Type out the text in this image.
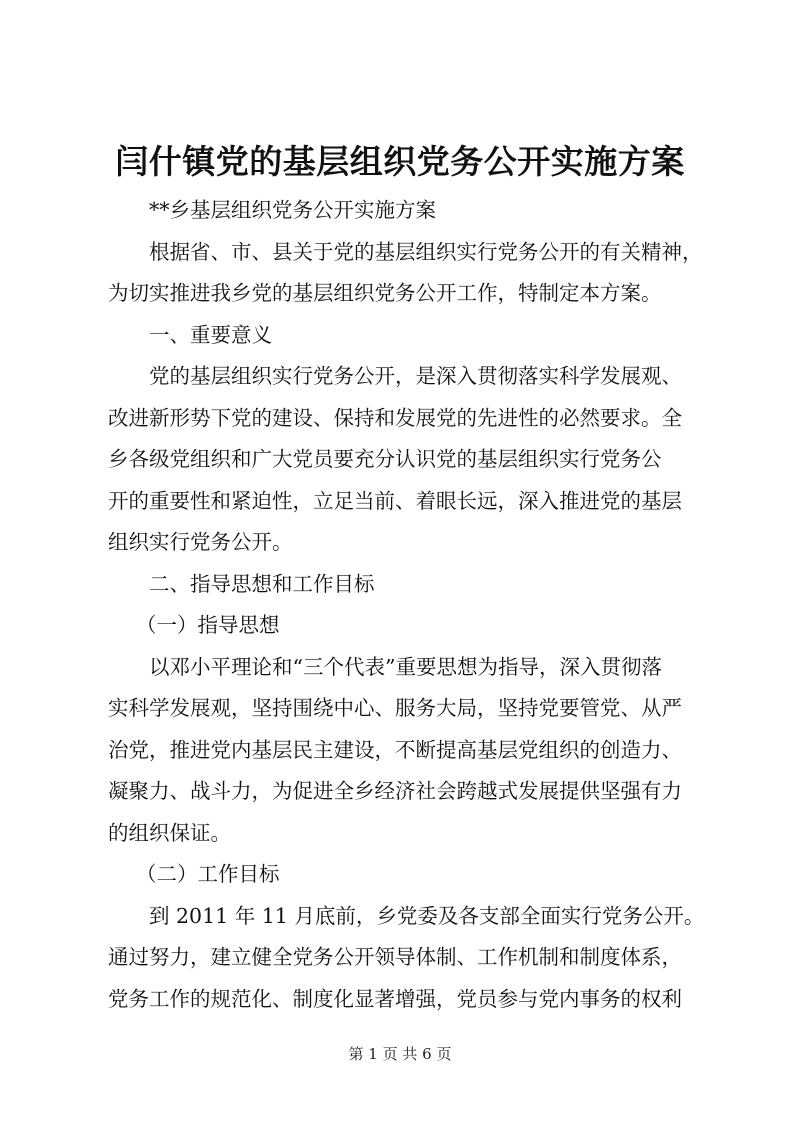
闫什镇党的基层组织党务公开实施方案
**乡基层组织党务公开实施方案
根据省、市、县关于党的基层组织实行党务公开的有关精神，
为切实推进我乡党的基层组织党务公开工作，特制定本方案。
一、重要意义
党的基层组织实行党务公开，是深入贯彻落实科学发展观、
改进新形势下党的建设、保持和发展党的先进性的必然要求。全
乡各级党组织和广大党员要充分认识党的基层组织实行党务公
开的重要性和紧迫性，立足当前、着眼长远，深入推进党的基层
组织实行党务公开。
二、指导思想和工作目标
（一）指导思想
以邓小平理论和“三个代表”重要思想为指导，深入贯彻落
实科学发展观，坚持围绕中心、服务大局，坚持党要管党、从严
治党，推进党内基层民主建设，不断提高基层党组织的创造力、
凝聚力、战斗力，为促进全乡经济社会跨越式发展提供坚强有力
的组织保证。
（二）工作目标
到 2011 年 11 月底前，乡党委及各支部全面实行党务公开。
通过努力，建立健全党务公开领导体制、工作机制和制度体系，
党务工作的规范化、制度化显著增强，党员参与党内事务的权利
第 1 页 共 6 页
